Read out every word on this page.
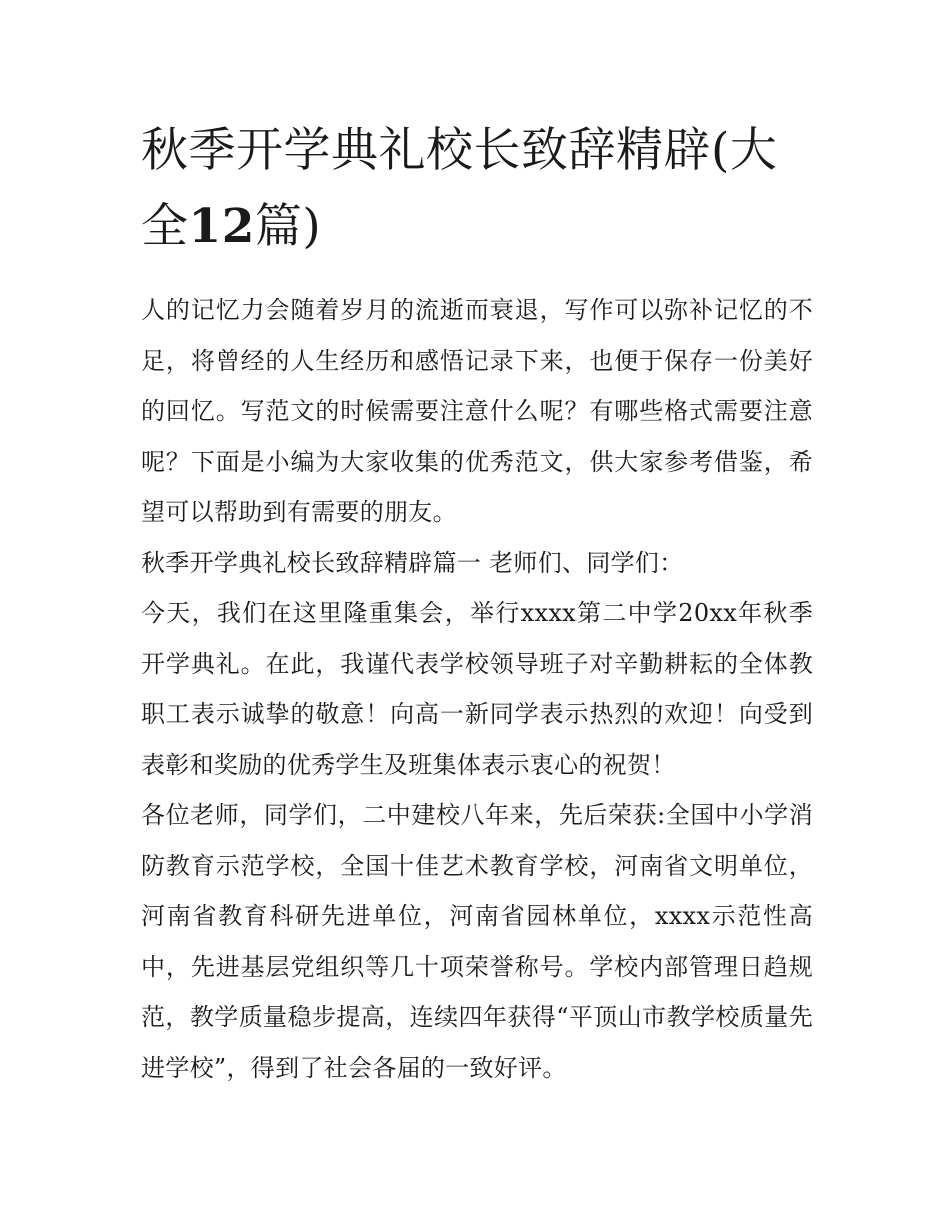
秋季开学典礼校长致辞精辟(大全12篇)

人的记忆力会随着岁月的流逝而衰退，写作可以弥补记忆的不足，将曾经的人生经历和感悟记录下来，也便于保存一份美好的回忆。写范文的时候需要注意什么呢？有哪些格式需要注意呢？下面是小编为大家收集的优秀范文，供大家参考借鉴，希望可以帮助到有需要的朋友。

秋季开学典礼校长致辞精辟篇一 老师们、同学们：

今天，我们在这里隆重集会，举行xxxx第二中学20xx年秋季开学典礼。在此，我谨代表学校领导班子对辛勤耕耘的全体教职工表示诚挚的敬意！向高一新同学表示热烈的欢迎！向受到表彰和奖励的优秀学生及班集体表示衷心的祝贺！

各位老师，同学们，二中建校八年来，先后荣获:全国中小学消防教育示范学校，全国十佳艺术教育学校，河南省文明单位，河南省教育科研先进单位，河南省园林单位，xxxx示范性高中，先进基层党组织等几十项荣誉称号。学校内部管理日趋规范，教学质量稳步提高，连续四年获得“平顶山市教学校质量先进学校”，得到了社会各届的一致好评。
